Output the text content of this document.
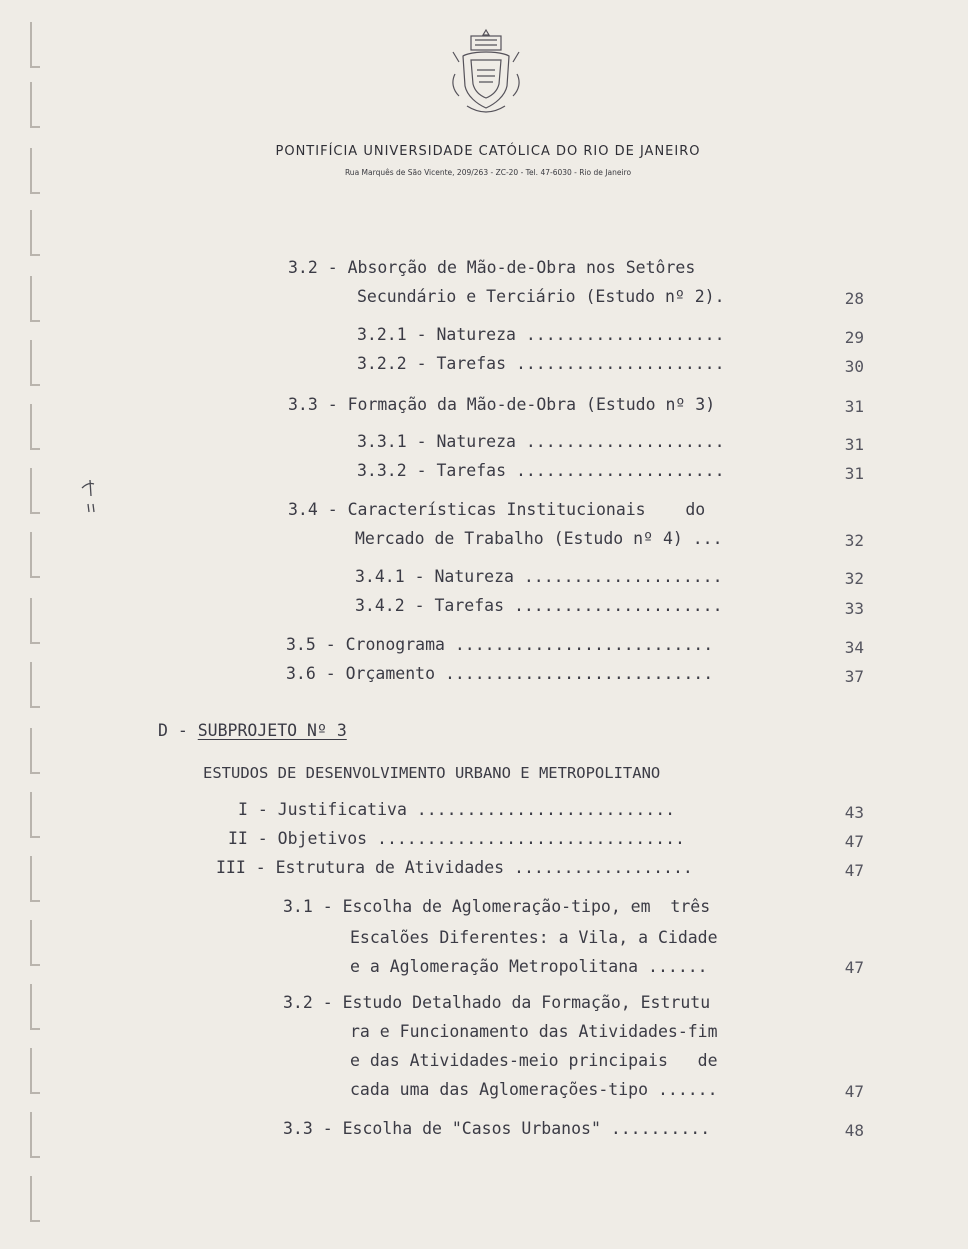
PONTIFÍCIA UNIVERSIDADE CATÓLICA DO RIO DE JANEIRO
Rua Marquês de São Vicente, 209/263 - ZC-20 - Tel. 47-6030 - Rio de Janeiro
3.2 - Absorção de Mão-de-Obra nos Setôres
Secundário e Terciário (Estudo nº 2).	28
3.2.1 - Natureza ....................	29
3.2.2 - Tarefas .....................	30
3.3 - Formação da Mão-de-Obra (Estudo nº 3)	31
3.3.1 - Natureza ....................	31
3.3.2 - Tarefas .....................	31
3.4 - Características Institucionais    do
Mercado de Trabalho (Estudo nº 4) ...	32
3.4.1 - Natureza ....................	32
3.4.2 - Tarefas .....................	33
3.5 - Cronograma ..........................	34
3.6 - Orçamento ...........................	37
D - SUBPROJETO Nº 3
ESTUDOS DE DESENVOLVIMENTO URBANO E METROPOLITANO
I - Justificativa ..........................	43
II - Objetivos ...............................	47
III - Estrutura de Atividades ..................	47
3.1 - Escolha de Aglomeração-tipo, em  três
Escalões Diferentes: a Vila, a Cidade
e a Aglomeração Metropolitana ......	47
3.2 - Estudo Detalhado da Formação, Estrutu
ra e Funcionamento das Atividades-fim
e das Atividades-meio principais   de
cada uma das Aglomerações-tipo ......	47
3.3 - Escolha de "Casos Urbanos" ..........	48
